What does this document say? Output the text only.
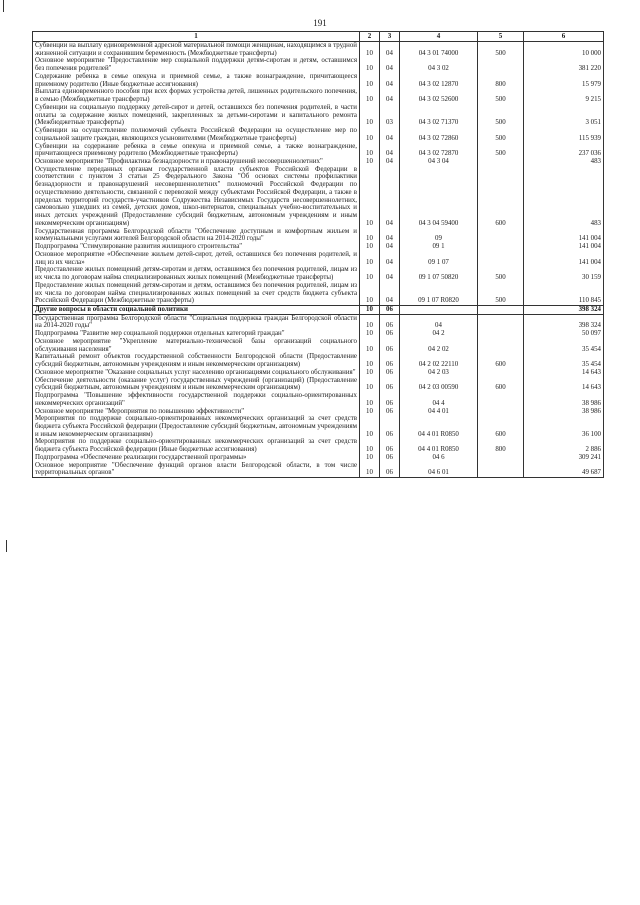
191
1	2	3	4	5	6
Субвенции на выплату единовременной адресной материальной помощи женщинам, находящимся в трудной жизненной ситуации и сохранившим беременность (Межбюджетные трансферты)	10	04	04 3 01 74000	500	10 000
Основное мероприятие "Предоставление мер социальной поддержки детям-сиротам и детям, оставшимся без попечения родителей"	10	04	04 3 02		381 220
Содержание ребенка в семье опекуна и приемной семье, а также вознаграждение, причитающееся приемному родителю (Иные бюджетные ассигнования)	10	04	04 3 02 12870	800	15 979
Выплата единовременного пособия при всех формах устройства детей, лишенных родительского попечения, в семью (Межбюджетные трансферты)	10	04	04 3 02 52600	500	9 215
Субвенции на социальную поддержку детей-сирот и детей, оставшихся без попечения родителей, в части оплаты за содержание жилых помещений, закрепленных за детьми-сиротами и капитального ремонта (Межбюджетные трансферты)	10	03	04 3 02 71370	500	3 051
Субвенции на осуществление полномочий субъекта Российской Федерации на осуществление мер по социальной защите граждан, являющихся усыновителями (Межбюджетные трансферты)	10	04	04 3 02 72860	500	115 939
Субвенции на содержание ребенка в семье опекуна и приемной семье, а также вознаграждение, причитающееся приемному родителю (Межбюджетные трансферты)	10	04	04 3 02 72870	500	237 036
Основное мероприятие "Профилактика безнадзорности и правонарушений несовершеннолетних"	10	04	04 3 04		483
Осуществление переданных органам государственной власти субъектов Российской Федерации в соответствии с пунктом 3 статьи 25 Федерального Закона "Об основах системы профилактики безнадзорности и правонарушений несовершеннолетних" полномочий Российской Федерации по осуществлению деятельности, связанной с перевозкой между субъектами Российской Федерации, а также в пределах территорий государств-участников Содружества Независимых Государств несовершеннолетних, самовольно ушедших из семей, детских домов, школ-интернатов, специальных учебно-воспитательных и иных детских учреждений (Предоставление субсидий бюджетным, автономным учреждениям и иным некоммерческим организациям)	10	04	04 3 04 59400	600	483
Государственная программа Белгородской области "Обеспечение доступным и комфортным жильем и коммунальными услугами жителей Белгородской области на 2014-2020 годы"	10	04	09		141 004
Подпрограмма "Стимулирование развития жилищного строительства"	10	04	09 1		141 004
Основное мероприятие «Обеспечение жильем детей-сирот, детей, оставшихся без попечения родителей, и лиц из их числа»	10	04	09 1 07		141 004
Предоставление жилых помещений детям-сиротам и детям, оставшимся без попечения родителей, лицам из их числа по договорам найма специализированных жилых помещений (Межбюджетные трансферты)	10	04	09 1 07 50820	500	30 159
Предоставление жилых помещений детям-сиротам и детям, оставшимся без попечения родителей, лицам из их числа по договорам найма специализированных жилых помещений за счет средств бюджета субъекта Российской Федерации (Межбюджетные трансферты)	10	04	09 1 07 R0820	500	110 845
Другие вопросы в области социальной политики	10	06			398 324
Государственная программа Белгородской области "Социальная поддержка граждан Белгородской области на 2014-2020 годы"	10	06	04		398 324
Подпрограмма "Развитие мер социальной поддержки отдельных категорий граждан"	10	06	04 2		50 097
Основное мероприятие "Укрепление материально-технической базы организаций социального обслуживания населения"	10	06	04 2 02		35 454
Капитальный ремонт объектов государственной собственности Белгородской области (Предоставление субсидий бюджетным, автономным учреждениям и иным некоммерческим организациям)	10	06	04 2 02 22110	600	35 454
Основное мероприятие "Оказание социальных услуг населению организациями социального обслуживания"	10	06	04 2 03		14 643
Обеспечение деятельности (оказание услуг) государственных учреждений (организаций) (Предоставление субсидий бюджетным, автономным учреждениям и иным некоммерческим организациям)	10	06	04 2 03 00590	600	14 643
Подпрограмма "Повышение эффективности государственной поддержки социально-ориентированных некоммерческих организаций"	10	06	04 4		38 986
Основное мероприятие "Мероприятия по повышению эффективности"	10	06	04 4 01		38 986
Мероприятия по поддержке социально-ориентированных некоммерческих организаций за счет средств бюджета субъекта Российской федерации (Предоставление субсидий бюджетным, автономным учреждениям и иным некоммерческим организациям)	10	06	04 4 01 R0850	600	36 100
Мероприятия по поддержке социально-ориентированных некоммерческих организаций за счет средств бюджета субъекта Российской федерации (Иные бюджетные ассигнования)	10	06	04 4 01 R0850	800	2 886
Подпрограмма «Обеспечение реализации государственной программы»	10	06	04 6		309 241
Основное мероприятие "Обеспечение функций органов власти Белгородской области, в том числе территориальных органов"	10	06	04 6 01		49 687
